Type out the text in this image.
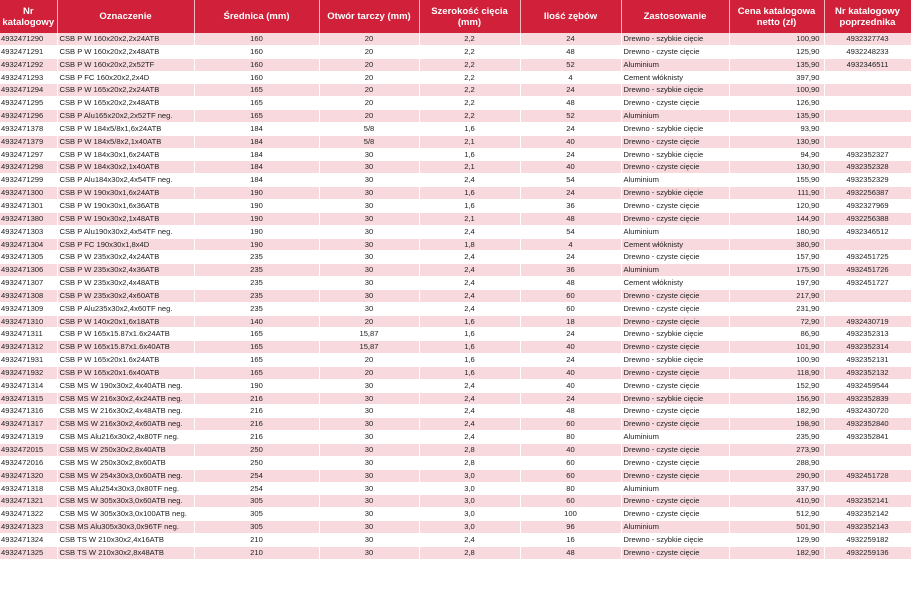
Nr katalogowy	Oznaczenie	Średnica (mm)	Otwór tarczy (mm)	Szerokość cięcia (mm)	Ilość zębów	Zastosowanie	Cena katalogowa netto (zł)	Nr katalogowy poprzednika
4932471290	CSB P W 160x20x2,2x24ATB	160	20	2,2	24	Drewno - szybkie cięcie	100,90	4932327743
4932471291	CSB P W 160x20x2,2x48ATB	160	20	2,2	48	Drewno - czyste cięcie	125,90	4932248233
4932471292	CSB P W 160x20x2,2x52TF	160	20	2,2	52	Aluminium	135,90	4932346511
4932471293	CSB P FC 160x20x2,2x4D	160	20	2,2	4	Cement włóknisty	397,90	
4932471294	CSB P W 165x20x2,2x24ATB	165	20	2,2	24	Drewno - szybkie cięcie	100,90	
4932471295	CSB P W 165x20x2,2x48ATB	165	20	2,2	48	Drewno - czyste cięcie	126,90	
4932471296	CSB P Alu165x20x2,2x52TF neg.	165	20	2,2	52	Aluminium	135,90	
4932471378	CSB P W 184x5/8x1,6x24ATB	184	5/8	1,6	24	Drewno - szybkie cięcie	93,90	
4932471379	CSB P W 184x5/8x2,1x40ATB	184	5/8	2,1	40	Drewno - czyste cięcie	130,90	
4932471297	CSB P W 184x30x1,6x24ATB	184	30	1,6	24	Drewno - szybkie cięcie	94,90	4932352327
4932471298	CSB P W 184x30x2,1x40ATB	184	30	2,1	40	Drewno - czyste cięcie	130,90	4932352328
4932471299	CSB P Alu184x30x2,4x54TF neg.	184	30	2,4	54	Aluminium	155,90	4932352329
4932471300	CSB P W 190x30x1,6x24ATB	190	30	1,6	24	Drewno - szybkie cięcie	111,90	4932256387
4932471301	CSB P W 190x30x1,6x36ATB	190	30	1,6	36	Drewno - czyste cięcie	120,90	4932327969
4932471380	CSB P W 190x30x2,1x48ATB	190	30	2,1	48	Drewno - czyste cięcie	144,90	4932256388
4932471303	CSB P Alu190x30x2,4x54TF neg.	190	30	2,4	54	Aluminium	180,90	4932346512
4932471304	CSB P FC 190x30x1,8x4D	190	30	1,8	4	Cement włóknisty	380,90	
4932471305	CSB P W 235x30x2,4x24ATB	235	30	2,4	24	Drewno - czyste cięcie	157,90	4932451725
4932471306	CSB P W 235x30x2,4x36ATB	235	30	2,4	36	Aluminium	175,90	4932451726
4932471307	CSB P W 235x30x2,4x48ATB	235	30	2,4	48	Cement włóknisty	197,90	4932451727
4932471308	CSB P W 235x30x2,4x60ATB	235	30	2,4	60	Drewno - czyste cięcie	217,90	
4932471309	CSB P Alu235x30x2,4x60TF neg.	235	30	2,4	60	Drewno - czyste cięcie	231,90	
4932471310	CSB P W 140x20x1,6x18ATB	140	20	1,6	18	Drewno - czyste cięcie	72,90	4932430719
4932471311	CSB P W 165x15.87x1.6x24ATB	165	15,87	1,6	24	Drewno - szybkie cięcie	86,90	4932352313
4932471312	CSB P W 165x15.87x1.6x40ATB	165	15,87	1,6	40	Drewno - czyste cięcie	101,90	4932352314
4932471931	CSB P W 165x20x1.6x24ATB	165	20	1,6	24	Drewno - szybkie cięcie	100,90	4932352131
4932471932	CSB P W 165x20x1.6x40ATB	165	20	1,6	40	Drewno - czyste cięcie	118,90	4932352132
4932471314	CSB MS W 190x30x2,4x40ATB neg.	190	30	2,4	40	Drewno - czyste cięcie	152,90	4932459544
4932471315	CSB MS W 216x30x2,4x24ATB neg.	216	30	2,4	24	Drewno - szybkie cięcie	156,90	4932352839
4932471316	CSB MS W 216x30x2,4x48ATB neg.	216	30	2,4	48	Drewno - czyste cięcie	182,90	4932430720
4932471317	CSB MS W 216x30x2,4x60ATB neg.	216	30	2,4	60	Drewno - czyste cięcie	198,90	4932352840
4932471319	CSB MS Alu216x30x2,4x80TF neg.	216	30	2,4	80	Aluminium	235,90	4932352841
4932472015	CSB MS W 250x30x2,8x40ATB	250	30	2,8	40	Drewno - czyste cięcie	273,90	
4932472016	CSB MS W 250x30x2,8x60ATB	250	30	2,8	60	Drewno - czyste cięcie	288,90	
4932471320	CSB MS W 254x30x3,0x60ATB neg.	254	30	3,0	60	Drewno - czyste cięcie	290,90	4932451728
4932471318	CSB MS Alu254x30x3,0x80TF neg.	254	30	3,0	80	Aluminium	337,90	
4932471321	CSB MS W 305x30x3,0x60ATB neg.	305	30	3,0	60	Drewno - czyste cięcie	410,90	4932352141
4932471322	CSB MS W 305x30x3,0x100ATB neg.	305	30	3,0	100	Drewno - czyste cięcie	512,90	4932352142
4932471323	CSB MS Alu305x30x3,0x96TF neg.	305	30	3,0	96	Aluminium	501,90	4932352143
4932471324	CSB TS W 210x30x2,4x16ATB	210	30	2,4	16	Drewno - szybkie cięcie	129,90	4932259182
4932471325	CSB TS W 210x30x2,8x48ATB	210	30	2,8	48	Drewno - czyste cięcie	182,90	4932259136
